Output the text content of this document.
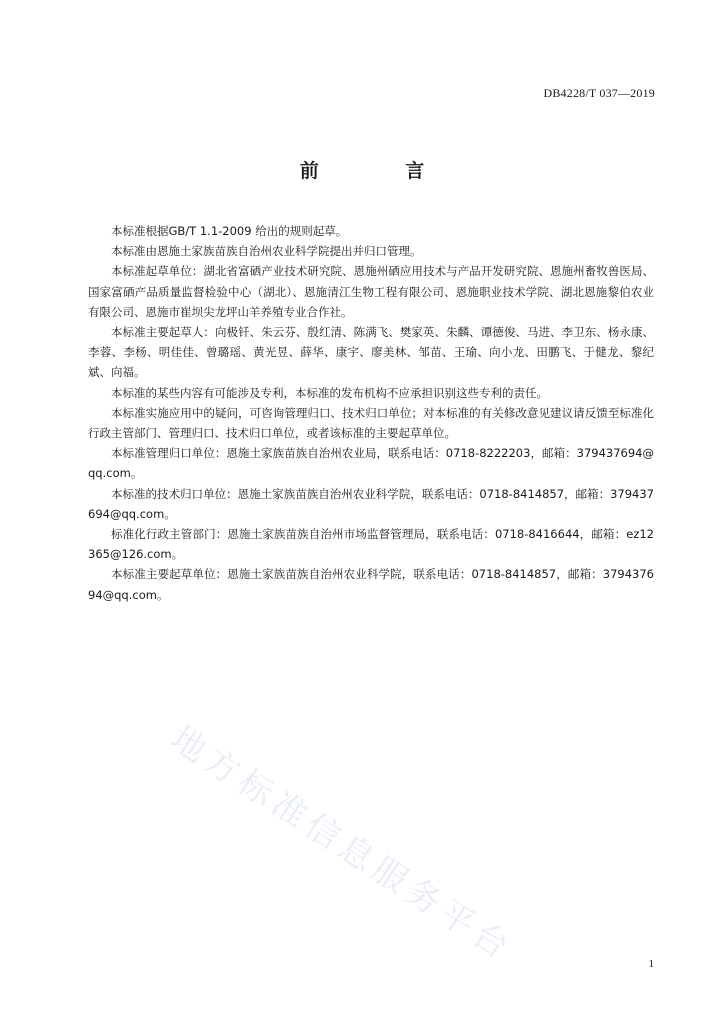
DB4228/T 037—2019
前 言

本标准根据GB/T 1.1-2009 给出的规则起草。

本标准由恩施土家族苗族自治州农业科学院提出并归口管理。

本标准起草单位：湖北省富硒产业技术研究院、恩施州硒应用技术与产品开发研究院、恩施州畜牧兽医局、国家富硒产品质量监督检验中心（湖北）、恩施清江生物工程有限公司、恩施职业技术学院、湖北恩施黎伯农业有限公司、恩施市崔坝尖龙坪山羊养殖专业合作社。

本标准主要起草人：向极钎、朱云芬、殷红清、陈满飞、樊家英、朱麟、谭德俊、马进、李卫东、杨永康、李蓉、李杨、明佳佳、曾璐瑶、黄光昱、薛华、康宇、廖美林、邹苗、王瑜、向小龙、田鹏飞、于健龙、黎纪斌、向福。

本标准的某些内容有可能涉及专利，本标准的发布机构不应承担识别这些专利的责任。

本标准实施应用中的疑问，可咨询管理归口、技术归口单位；对本标准的有关修改意见建议请反馈至标准化行政主管部门、管理归口、技术归口单位，或者该标准的主要起草单位。

本标准管理归口单位：恩施土家族苗族自治州农业局，联系电话：0718-8222203，邮箱：379437694@qq.com。

本标准的技术归口单位：恩施土家族苗族自治州农业科学院，联系电话：0718-8414857，邮箱：379437694@qq.com。

标准化行政主管部门：恩施土家族苗族自治州市场监督管理局，联系电话：0718-8416644，邮箱：ez12365@126.com。

本标准主要起草单位：恩施土家族苗族自治州农业科学院，联系电话：0718-8414857，邮箱：379437694@qq.com。

地方标准信息服务平台	1
